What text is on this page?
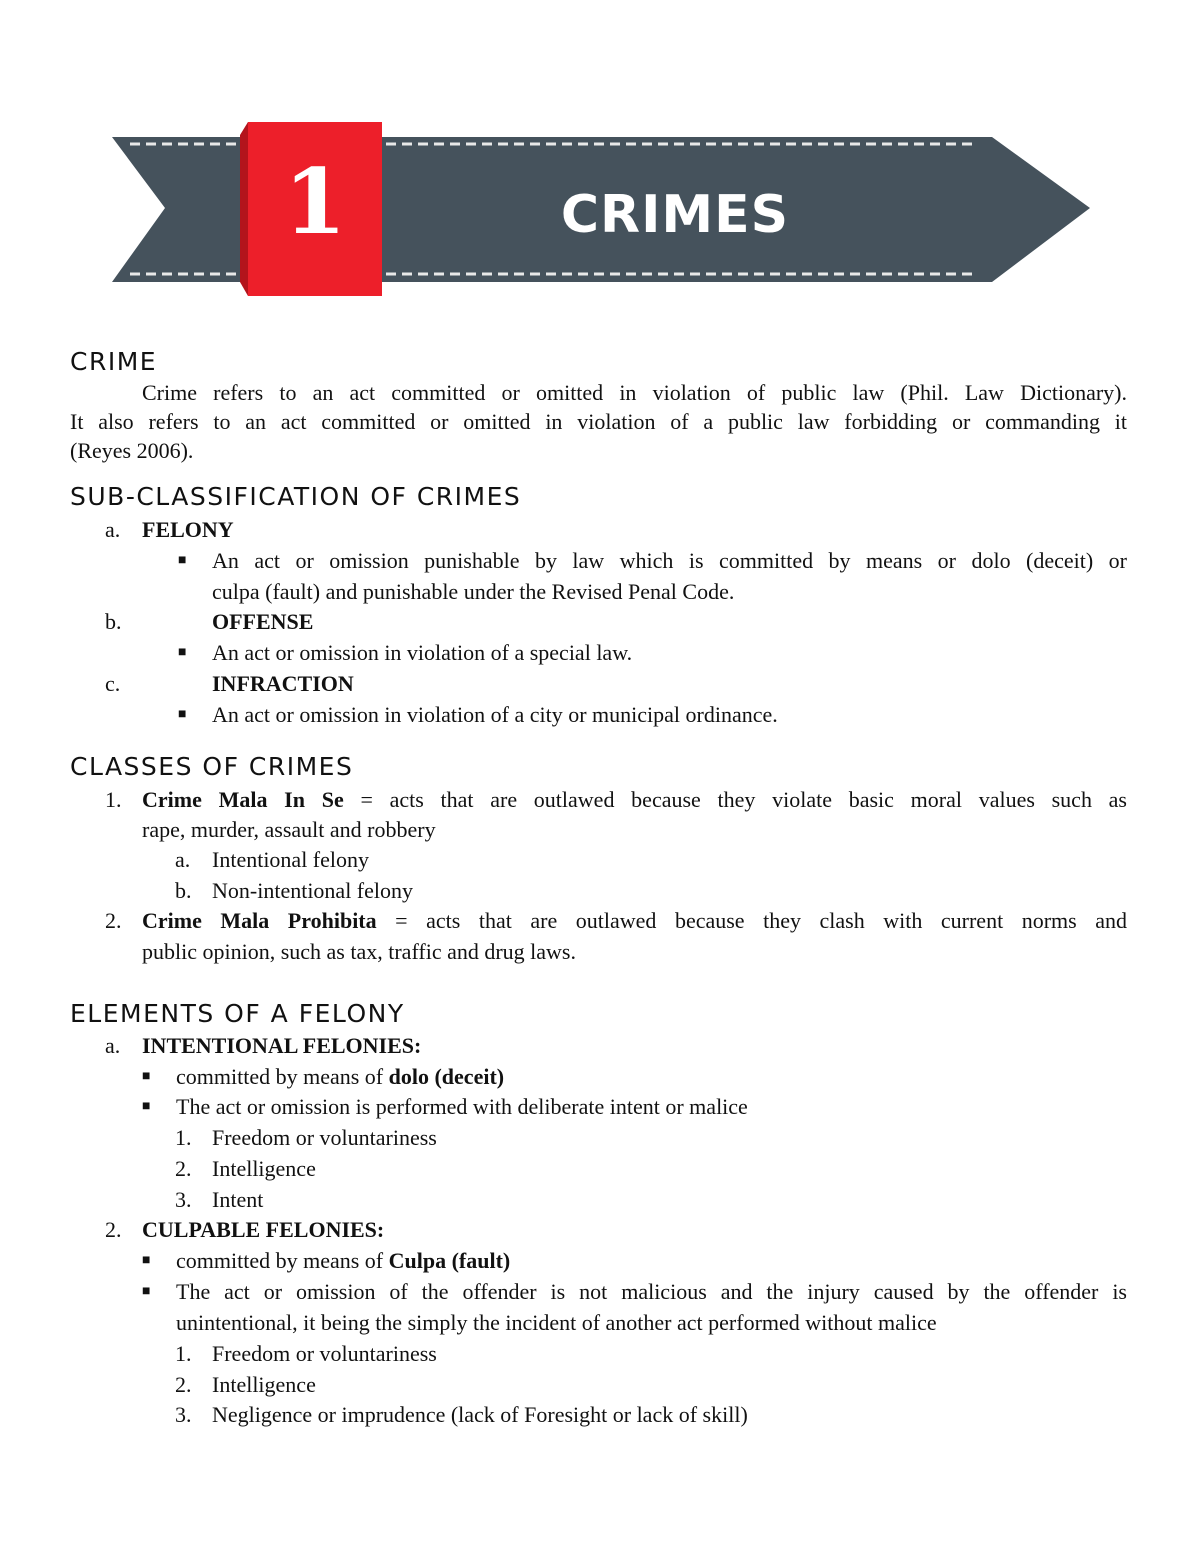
1	CRIMES
CRIME
Crime refers to an act committed or omitted in violation of public law (Phil. Law Dictionary).
It also refers to an act committed or omitted in violation of a public law forbidding or commanding it
(Reyes 2006).
SUB-CLASSIFICATION OF CRIMES
a. FELONY
■ An act or omission punishable by law which is committed by means or dolo (deceit) or
culpa (fault) and punishable under the Revised Penal Code.
b.	OFFENSE
■ An act or omission in violation of a special law.
c.	INFRACTION
■ An act or omission in violation of a city or municipal ordinance.
CLASSES OF CRIMES
1. Crime Mala In Se = acts that are outlawed because they violate basic moral values such as
rape, murder, assault and robbery
a. Intentional felony
b. Non-intentional felony
2. Crime Mala Prohibita = acts that are outlawed because they clash with current norms and
public opinion, such as tax, traffic and drug laws.
ELEMENTS OF A FELONY
a. INTENTIONAL FELONIES:
■ committed by means of dolo (deceit)
■ The act or omission is performed with deliberate intent or malice
1. Freedom or voluntariness
2. Intelligence
3. Intent
2. CULPABLE FELONIES:
■ committed by means of Culpa (fault)
■ The act or omission of the offender is not malicious and the injury caused by the offender is
unintentional, it being the simply the incident of another act performed without malice
1. Freedom or voluntariness
2. Intelligence
3. Negligence or imprudence (lack of Foresight or lack of skill)
